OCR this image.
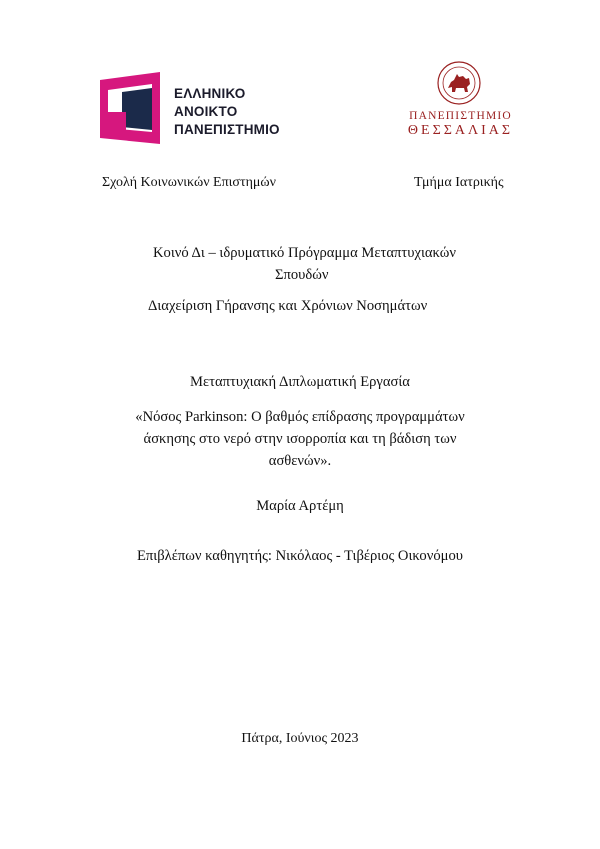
ΕΛΛΗΝΙΚΟ
ΑΝΟΙΚΤΟ
ΠΑΝΕΠΙΣΤΗΜΙΟ
ΠΑΝΕΠΙΣΤΗΜΙΟ
ΘΕΣΣΑΛΙΑΣ
Σχολή Κοινωνικών Επιστημών	Τμήμα Ιατρικής
Κοινό Δι – ιδρυματικό Πρόγραμμα Μεταπτυχιακών
Σπουδών
Διαχείριση Γήρανσης και Χρόνιων Νοσημάτων
Μεταπτυχιακή Διπλωματική Εργασία
«Νόσος Parkinson: Ο βαθμός επίδρασης προγραμμάτων
άσκησης στο νερό στην ισορροπία και τη βάδιση των
ασθενών».
Μαρία Αρτέμη
Επιβλέπων καθηγητής: Νικόλαος - Τιβέριος Οικονόμου
Πάτρα, Ιούνιος 2023
